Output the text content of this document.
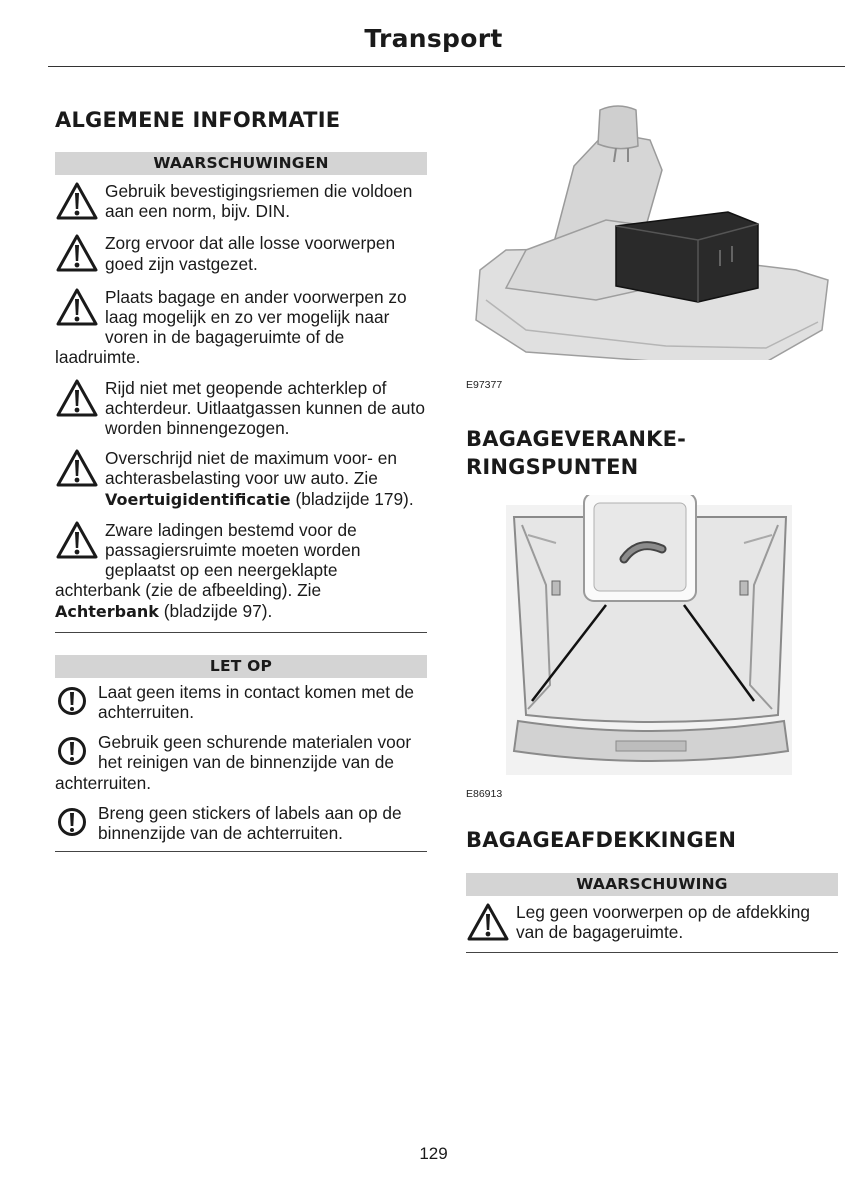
Transport
ALGEMENE INFORMATIE
WAARSCHUWINGEN

Gebruik bevestigingsriemen die voldoen aan een norm, bijv. DIN.

Zorg ervoor dat alle losse voorwerpen goed zijn vastgezet.

Plaats bagage en ander voorwerpen zo laag mogelijk en zo ver mogelijk naar voren in de bagageruimte of de laadruimte.

Rijd niet met geopende achterklep of achterdeur. Uitlaatgassen kunnen de auto worden binnengezogen.

Overschrijd niet de maximum voor- en achterasbelasting voor uw auto. Zie Voertuigidentificatie (bladzijde 179).

Zware ladingen bestemd voor de passagiersruimte moeten worden geplaatst op een neergeklapte achterbank (zie de afbeelding). Zie Achterbank (bladzijde 97).

LET OP

Laat geen items in contact komen met de achterruiten.

Gebruik geen schurende materialen voor het reinigen van de binnenzijde van de achterruiten.

Breng geen stickers of labels aan op de binnenzijde van de achterruiten.

E97377
BAGAGEVERANKE-
RINGSPUNTEN
E86913
BAGAGEAFDEKKINGEN
WAARSCHUWING

Leg geen voorwerpen op de afdekking van de bagageruimte.

129
